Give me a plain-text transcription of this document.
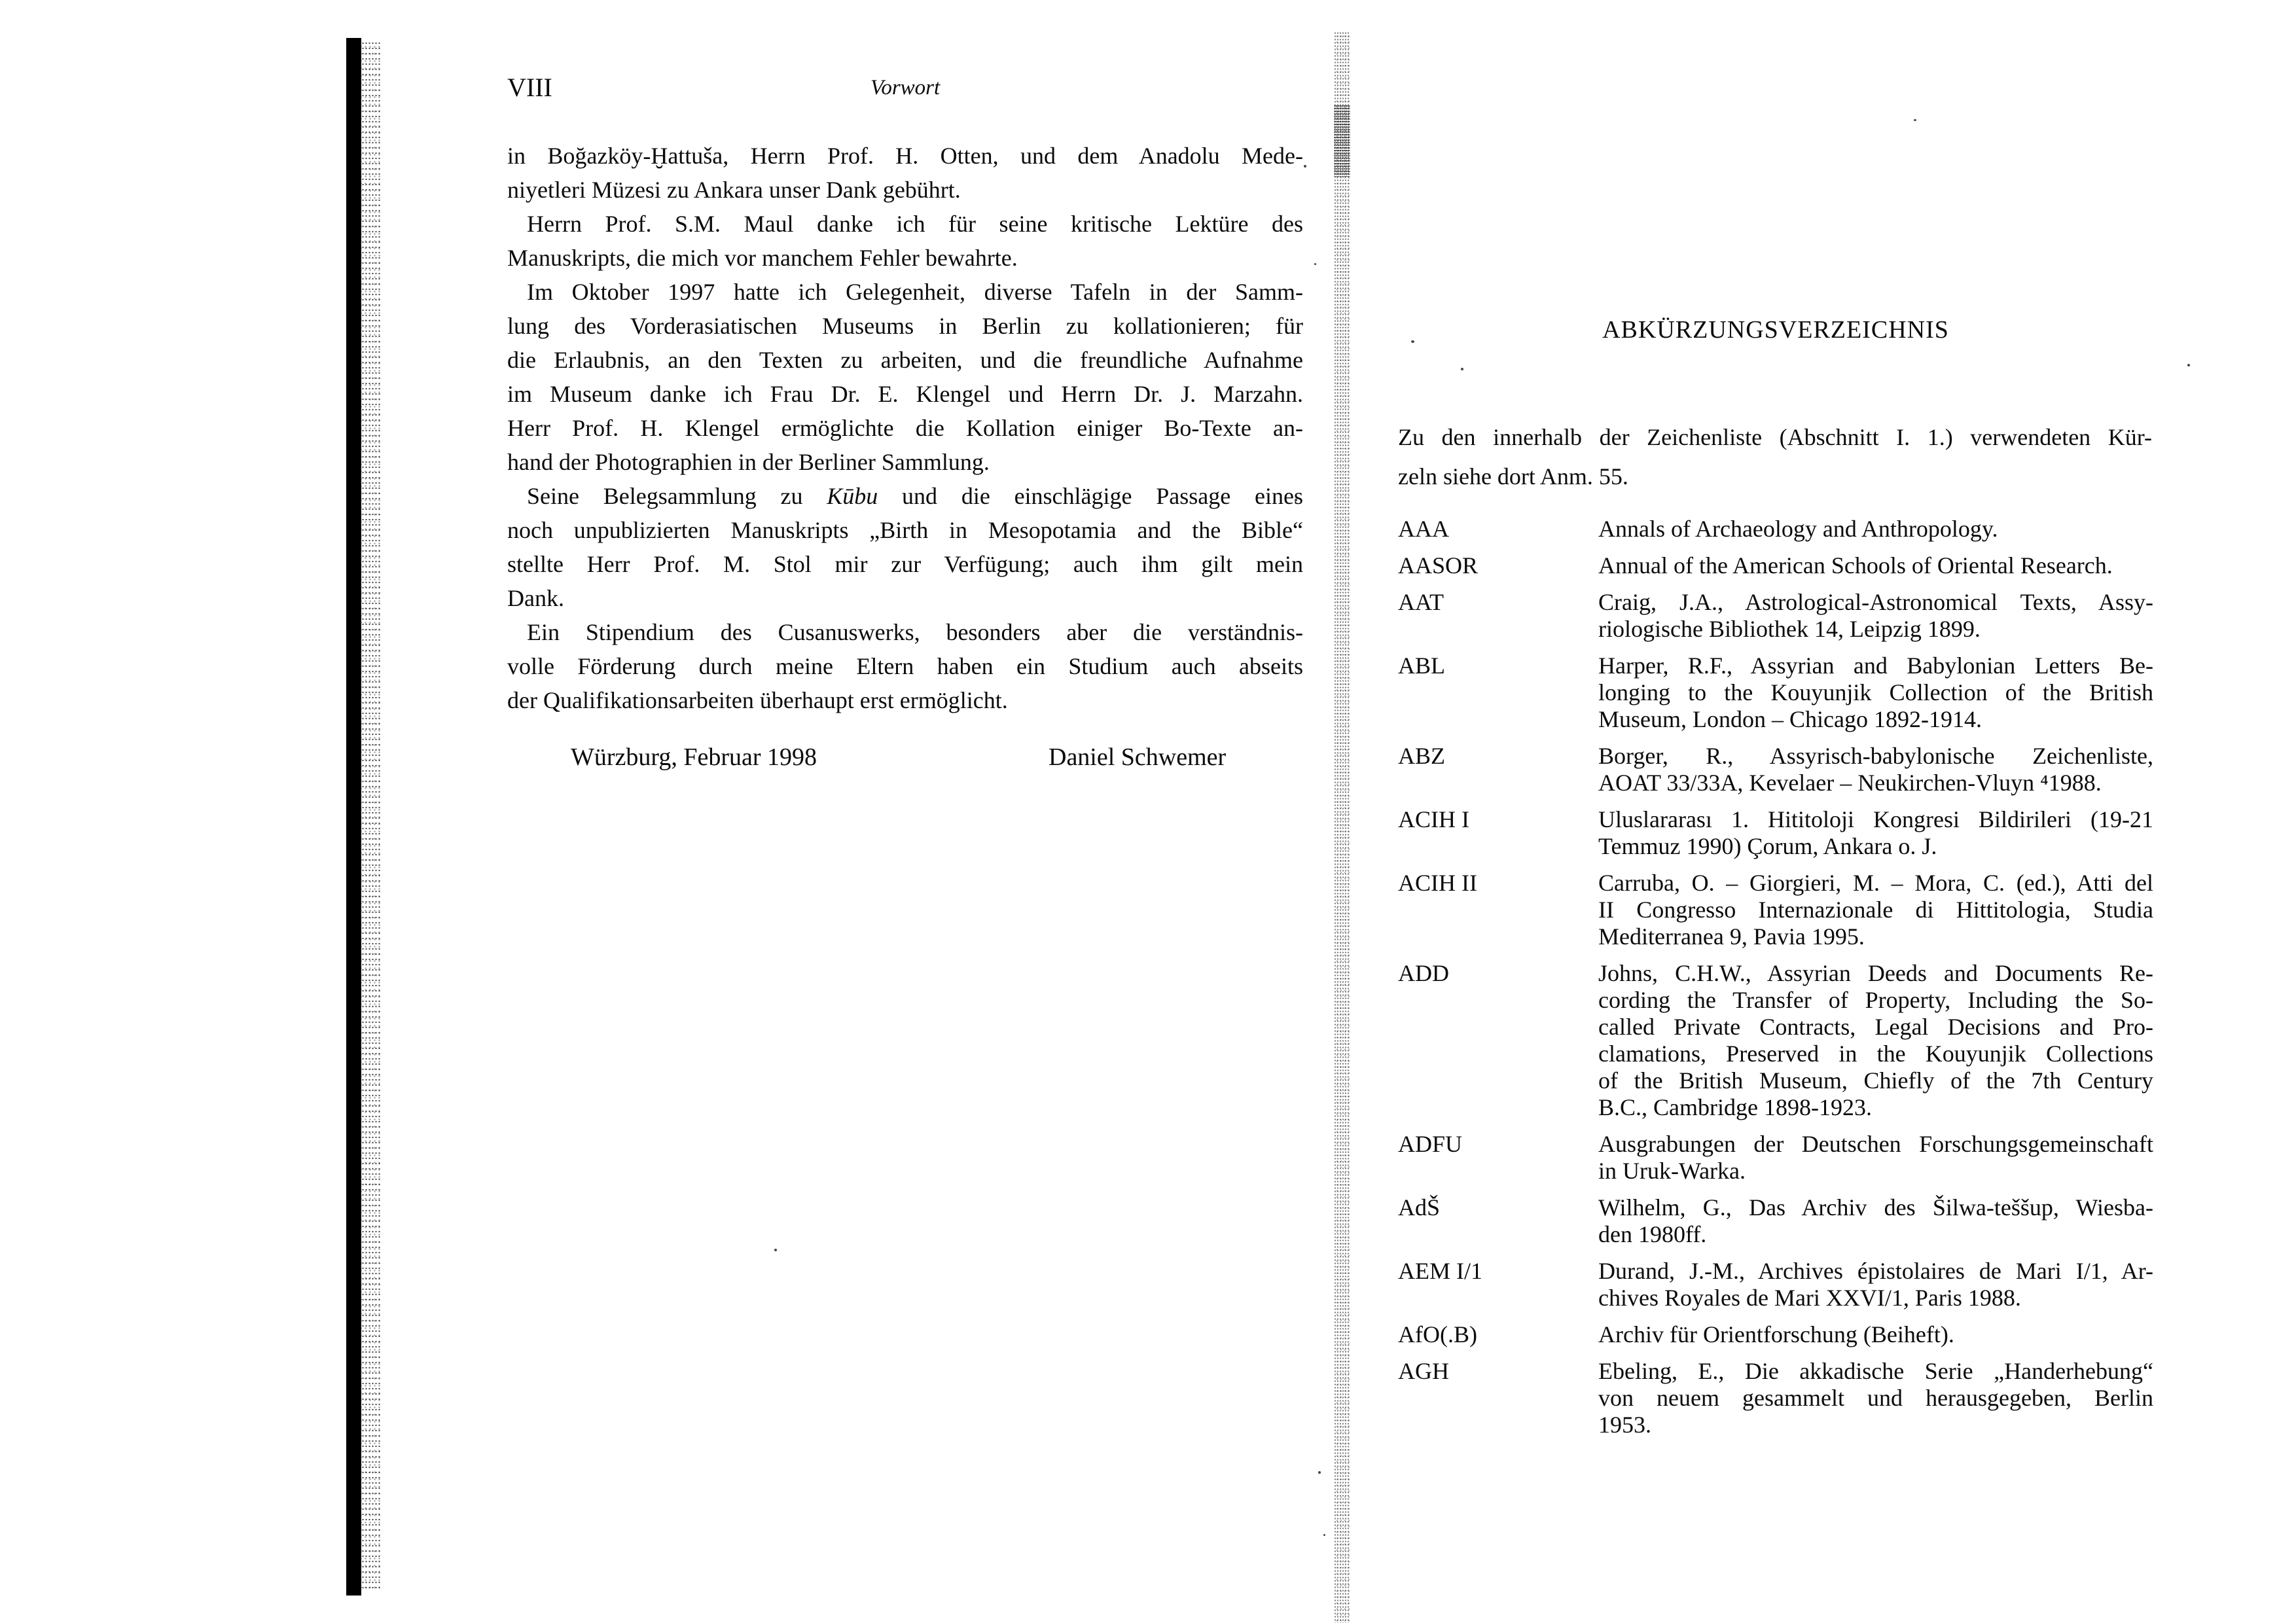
VIII	Vorwort
in Boğazköy-Ḫattuša, Herrn Prof. H. Otten, und dem Anadolu Mede-
niyetleri Müzesi zu Ankara unser Dank gebührt.
Herrn Prof. S.M. Maul danke ich für seine kritische Lektüre des
Manuskripts, die mich vor manchem Fehler bewahrte.
Im Oktober 1997 hatte ich Gelegenheit, diverse Tafeln in der Samm-
lung des Vorderasiatischen Museums in Berlin zu kollationieren; für
die Erlaubnis, an den Texten zu arbeiten, und die freundliche Aufnahme
im Museum danke ich Frau Dr. E. Klengel und Herrn Dr. J. Marzahn.
Herr Prof. H. Klengel ermöglichte die Kollation einiger Bo-Texte an-
hand der Photographien in der Berliner Sammlung.
Seine Belegsammlung zu Kūbu und die einschlägige Passage eines
noch unpublizierten Manuskripts „Birth in Mesopotamia and the Bible“
stellte Herr Prof. M. Stol mir zur Verfügung; auch ihm gilt mein
Dank.
Ein Stipendium des Cusanuswerks, besonders aber die verständnis-
volle Förderung durch meine Eltern haben ein Studium auch abseits
der Qualifikationsarbeiten überhaupt erst ermöglicht.
Würzburg, Februar 1998	Daniel Schwemer
ABKÜRZUNGSVERZEICHNIS
Zu den innerhalb der Zeichenliste (Abschnitt I. 1.) verwendeten Kür-
zeln siehe dort Anm. 55.
AAA	Annals of Archaeology and Anthropology.
AASOR	Annual of the American Schools of Oriental Research.
AAT	Craig, J.A., Astrological-Astronomical Texts, Assy-
riologische Bibliothek 14, Leipzig 1899.
ABL	Harper, R.F., Assyrian and Babylonian Letters Be-
longing to the Kouyunjik Collection of the British
Museum, London – Chicago 1892-1914.
ABZ	Borger, R., Assyrisch-babylonische Zeichenliste,
AOAT 33/33A, Kevelaer – Neukirchen-Vluyn ⁴1988.
ACIH I	Uluslararası 1. Hititoloji Kongresi Bildirileri (19-21
Temmuz 1990) Çorum, Ankara o. J.
ACIH II	Carruba, O. – Giorgieri, M. – Mora, C. (ed.), Atti del
II Congresso Internazionale di Hittitologia, Studia
Mediterranea 9, Pavia 1995.
ADD	Johns, C.H.W., Assyrian Deeds and Documents Re-
cording the Transfer of Property, Including the So-
called Private Contracts, Legal Decisions and Pro-
clamations, Preserved in the Kouyunjik Collections
of the British Museum, Chiefly of the 7th Century
B.C., Cambridge 1898-1923.
ADFU	Ausgrabungen der Deutschen Forschungsgemeinschaft
in Uruk-Warka.
AdŠ	Wilhelm, G., Das Archiv des Šilwa-teššup, Wiesba-
den 1980ff.
AEM I/1	Durand, J.-M., Archives épistolaires de Mari I/1, Ar-
chives Royales de Mari XXVI/1, Paris 1988.
AfO(.B)	Archiv für Orientforschung (Beiheft).
AGH	Ebeling, E., Die akkadische Serie „Handerhebung“
von neuem gesammelt und herausgegeben, Berlin
1953.
